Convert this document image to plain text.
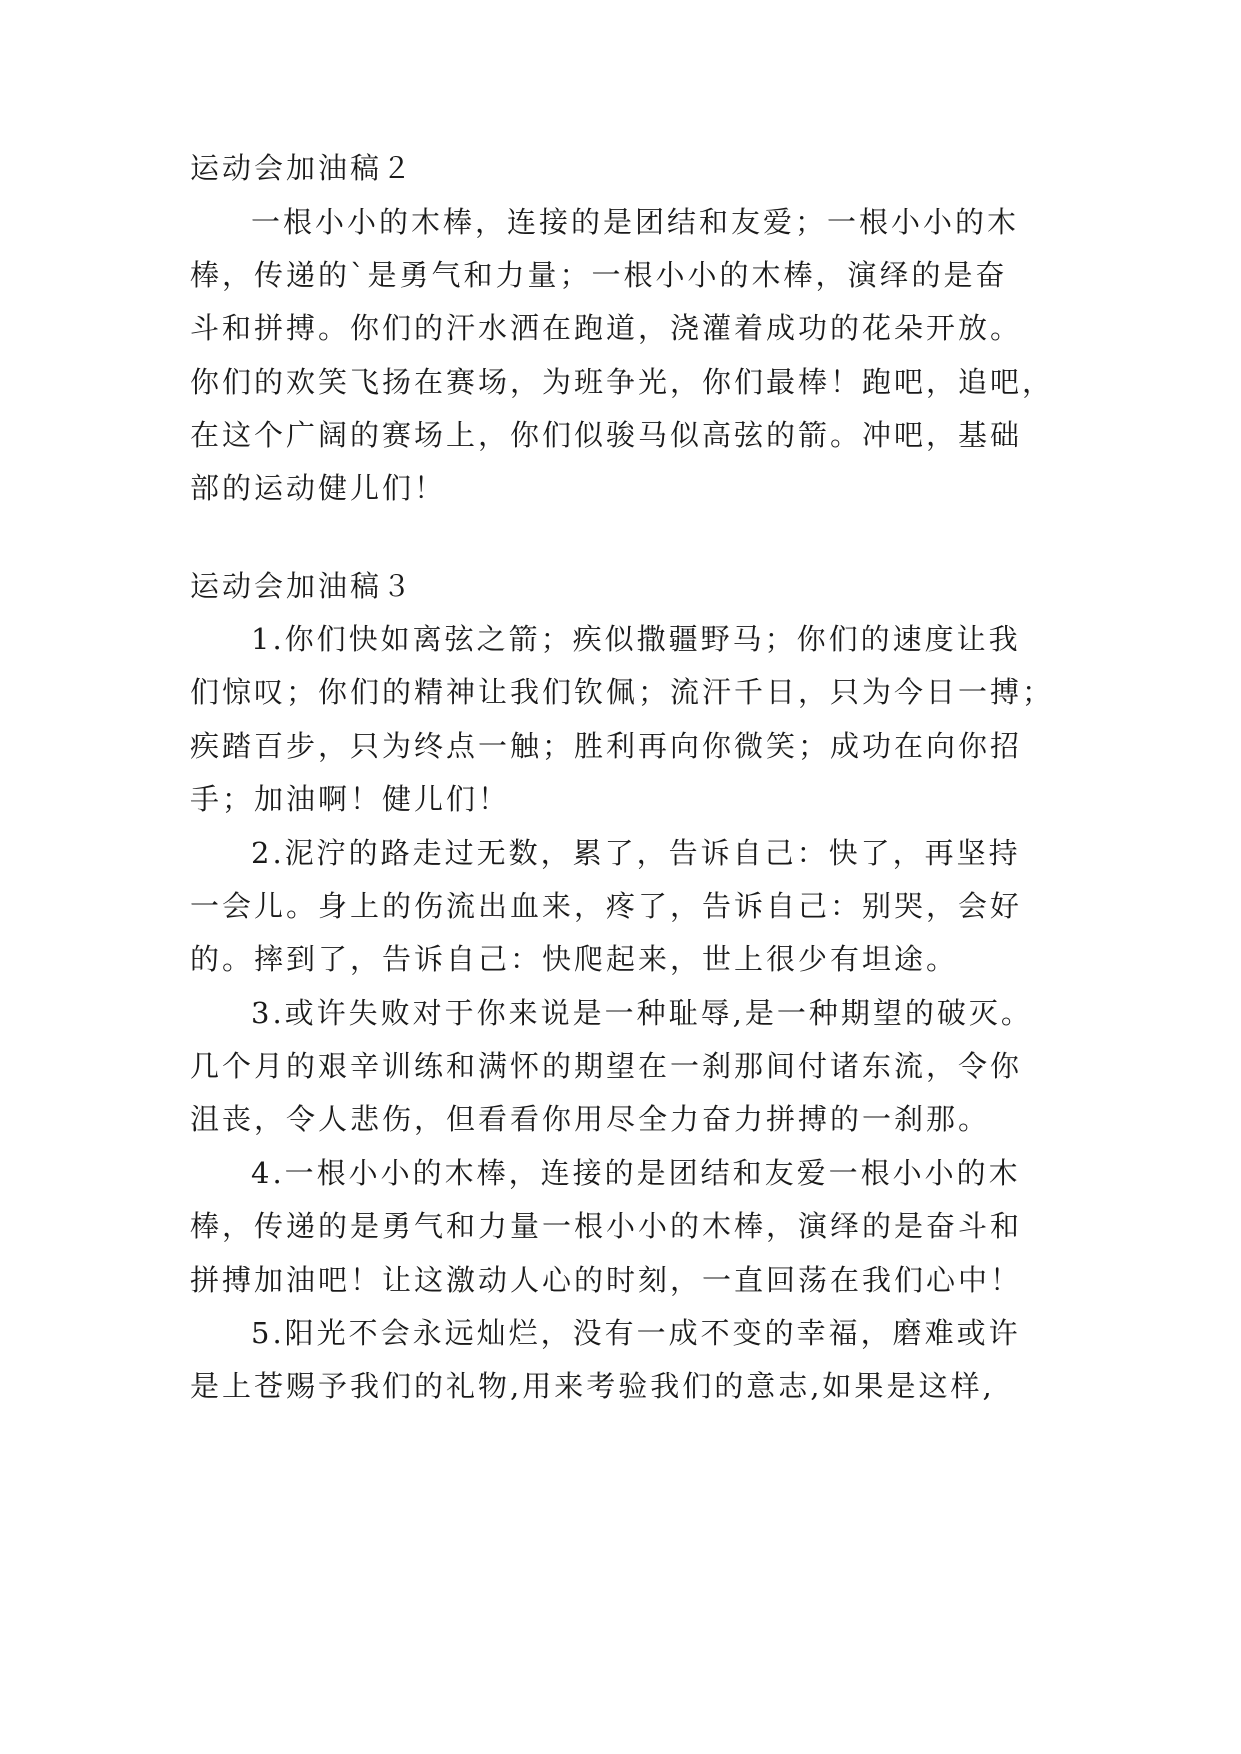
运动会加油稿２
一根小小的木棒，连接的是团结和友爱；一根小小的木
棒，传递的`是勇气和力量；一根小小的木棒，演绎的是奋
斗和拼搏。你们的汗水洒在跑道，浇灌着成功的花朵开放。
你们的欢笑飞扬在赛场，为班争光，你们最棒！跑吧，追吧，
在这个广阔的赛场上，你们似骏马似高弦的箭。冲吧，基础
部的运动健儿们！
运动会加油稿３
1.你们快如离弦之箭；疾似撒疆野马；你们的速度让我
们惊叹；你们的精神让我们钦佩；流汗千日，只为今日一搏；
疾踏百步，只为终点一触；胜利再向你微笑；成功在向你招
手；加油啊！健儿们！
2.泥泞的路走过无数，累了，告诉自己：快了，再坚持
一会儿。身上的伤流出血来，疼了，告诉自己：别哭，会好
的。摔到了，告诉自己：快爬起来，世上很少有坦途。
3.或许失败对于你来说是一种耻辱,是一种期望的破灭。
几个月的艰辛训练和满怀的期望在一刹那间付诸东流，令你
沮丧，令人悲伤，但看看你用尽全力奋力拼搏的一刹那。
4.一根小小的木棒，连接的是团结和友爱一根小小的木
棒，传递的是勇气和力量一根小小的木棒，演绎的是奋斗和
拼搏加油吧！让这激动人心的时刻，一直回荡在我们心中！
5.阳光不会永远灿烂，没有一成不变的幸福，磨难或许
是上苍赐予我们的礼物,用来考验我们的意志,如果是这样,
